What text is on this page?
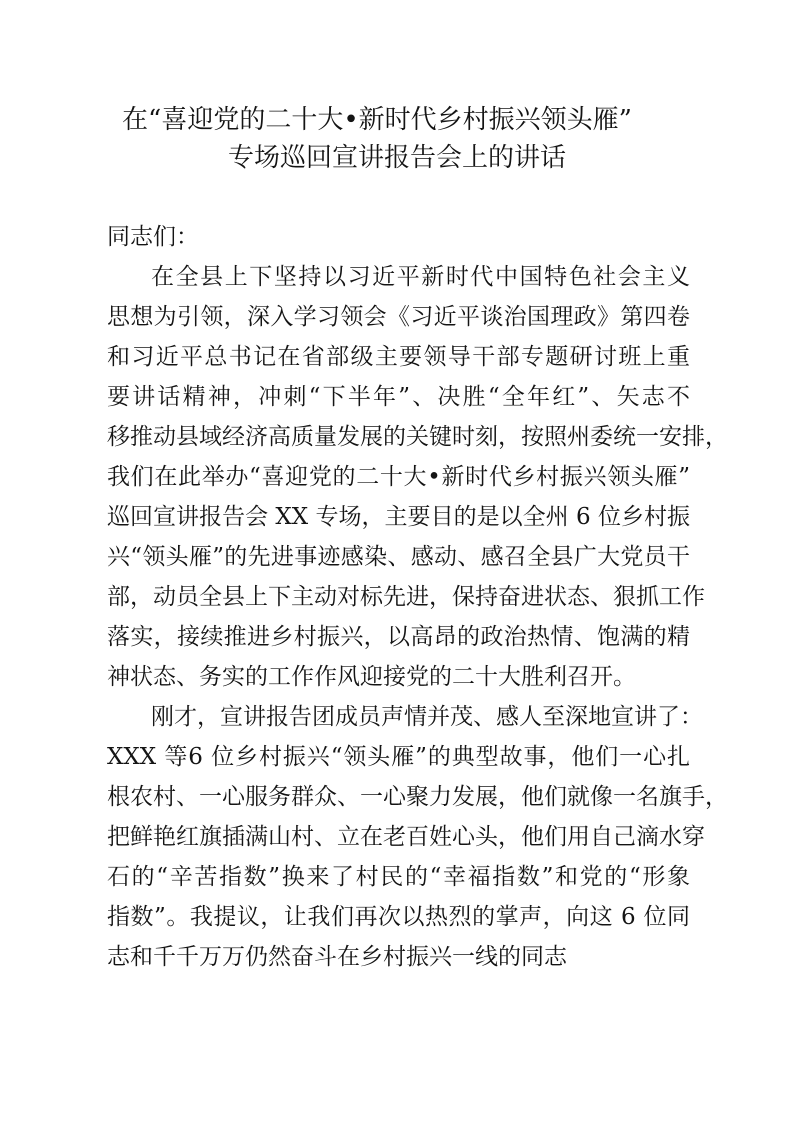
在“喜迎党的二十大•新时代乡村振兴领头雁”
专场巡回宣讲报告会上的讲话
同志们：
在全县上下坚持以习近平新时代中国特色社会主义
思想为引领，深入学习领会《习近平谈治国理政》第四卷
和习近平总书记在省部级主要领导干部专题研讨班上重
要讲话精神，冲刺“下半年”、决胜“全年红”、矢志不
移推动县域经济高质量发展的关键时刻，按照州委统一安排，
我们在此举办“喜迎党的二十大•新时代乡村振兴领头雁”
巡回宣讲报告会 XX 专场，主要目的是以全州 6 位乡村振
兴“领头雁”的先进事迹感染、感动、感召全县广大党员干
部，动员全县上下主动对标先进，保持奋进状态、狠抓工作
落实，接续推进乡村振兴，以高昂的政治热情、饱满的精
神状态、务实的工作作风迎接党的二十大胜利召开。
刚才，宣讲报告团成员声情并茂、感人至深地宣讲了：
XXX 等6 位乡村振兴“领头雁”的典型故事，他们一心扎
根农村、一心服务群众、一心聚力发展，他们就像一名旗手，
把鲜艳红旗插满山村、立在老百姓心头，他们用自己滴水穿
石的“辛苦指数”换来了村民的“幸福指数”和党的“形象
指数”。我提议，让我们再次以热烈的掌声，向这 6 位同
志和千千万万仍然奋斗在乡村振兴一线的同志
